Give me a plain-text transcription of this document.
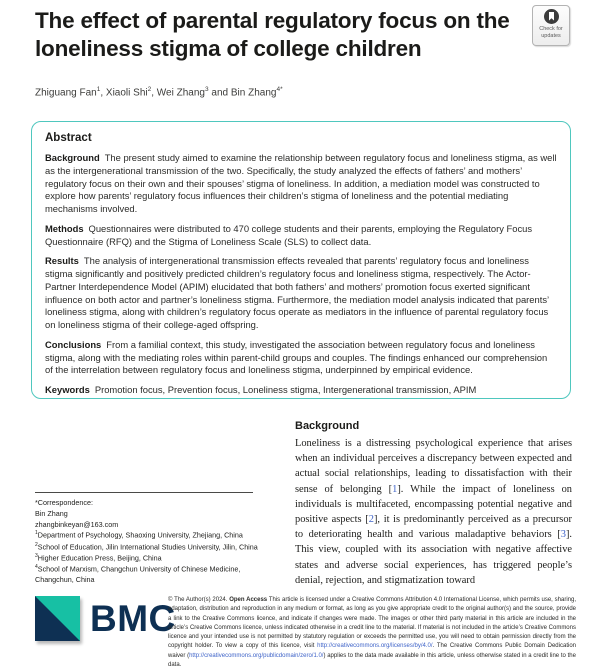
The effect of parental regulatory focus on the
loneliness stigma of college children
Check for
updates
Zhiguang Fan$^1$, Xiaoli Shi$^2$, Wei Zhang$^3$ and Bin Zhang$^{4*}$
Abstract

Background The present study aimed to examine the relationship between regulatory focus and loneliness stigma, as well as the intergenerational transmission of the two. Specifically, the study analyzed the effects of fathers’ and mothers’ regulatory focus on their own and their spouses’ stigma of loneliness. In addition, a mediation model was constructed to explore how parents’ regulatory focus influences their children’s stigma of loneliness and the potential mediating mechanisms involved.

Methods Questionnaires were distributed to 470 college students and their parents, employing the Regulatory Focus Questionnaire (RFQ) and the Stigma of Loneliness Scale (SLS) to collect data.

Results The analysis of intergenerational transmission effects revealed that parents’ regulatory focus and loneliness stigma significantly and positively predicted children’s regulatory focus and loneliness stigma, respectively. The Actor-Partner Interdependence Model (APIM) elucidated that both fathers’ and mothers’ promotion focus exerted significant influence on both actor and partner’s loneliness stigma. Furthermore, the mediation model analysis indicated that parents’ loneliness stigma, along with children’s regulatory focus operate as mediators in the influence of parental regulatory focus on loneliness stigma of their college-aged offspring.

Conclusions From a familial context, this study, investigated the association between regulatory focus and loneliness stigma, along with the mediating roles within parent-child groups and couples. The findings enhanced our comprehension of the interrelation between regulatory focus and loneliness stigma, underpinned by empirical evidence.

Keywords Promotion focus, Prevention focus, Loneliness stigma, Intergenerational transmission, APIM

*Correspondence:
Bin Zhang
zhangbinkeyan@163.com
$^1$Department of Psychology, Shaoxing University, Zhejiang, China
$^2$School of Education, Jilin International Studies University, Jilin, China
$^3$Higher Education Press, Beijing, China
$^4$School of Marxism, Changchun University of Chinese Medicine, Changchun, China
Background

Loneliness is a distressing psychological experience that arises when an individual perceives a discrepancy between expected and actual social relationships, leading to dissatisfaction with their sense of belonging [1]. While the impact of loneliness on individuals is multifaceted, encompassing potential negative and positive aspects [2], it is predominantly perceived as a precursor to deteriorating health and various maladaptive behaviors [3]. This view, coupled with its association with negative affective states and adverse social experiences, has triggered people’s denial, rejection, and stigmatization toward

BMC
© The Author(s) 2024. Open Access This article is licensed under a Creative Commons Attribution 4.0 International License, which permits use, sharing, adaptation, distribution and reproduction in any medium or format, as long as you give appropriate credit to the original author(s) and the source, provide a link to the Creative Commons licence, and indicate if changes were made. The images or other third party material in this article are included in the article’s Creative Commons licence, unless indicated otherwise in a credit line to the material. If material is not included in the article’s Creative Commons licence and your intended use is not permitted by statutory regulation or exceeds the permitted use, you will need to obtain permission directly from the copyright holder. To view a copy of this licence, visit http://creativecommons.org/licenses/by/4.0/. The Creative Commons Public Domain Dedication waiver (http://creativecommons.org/publicdomain/zero/1.0/) applies to the data made available in this article, unless otherwise stated in a credit line to the data.
